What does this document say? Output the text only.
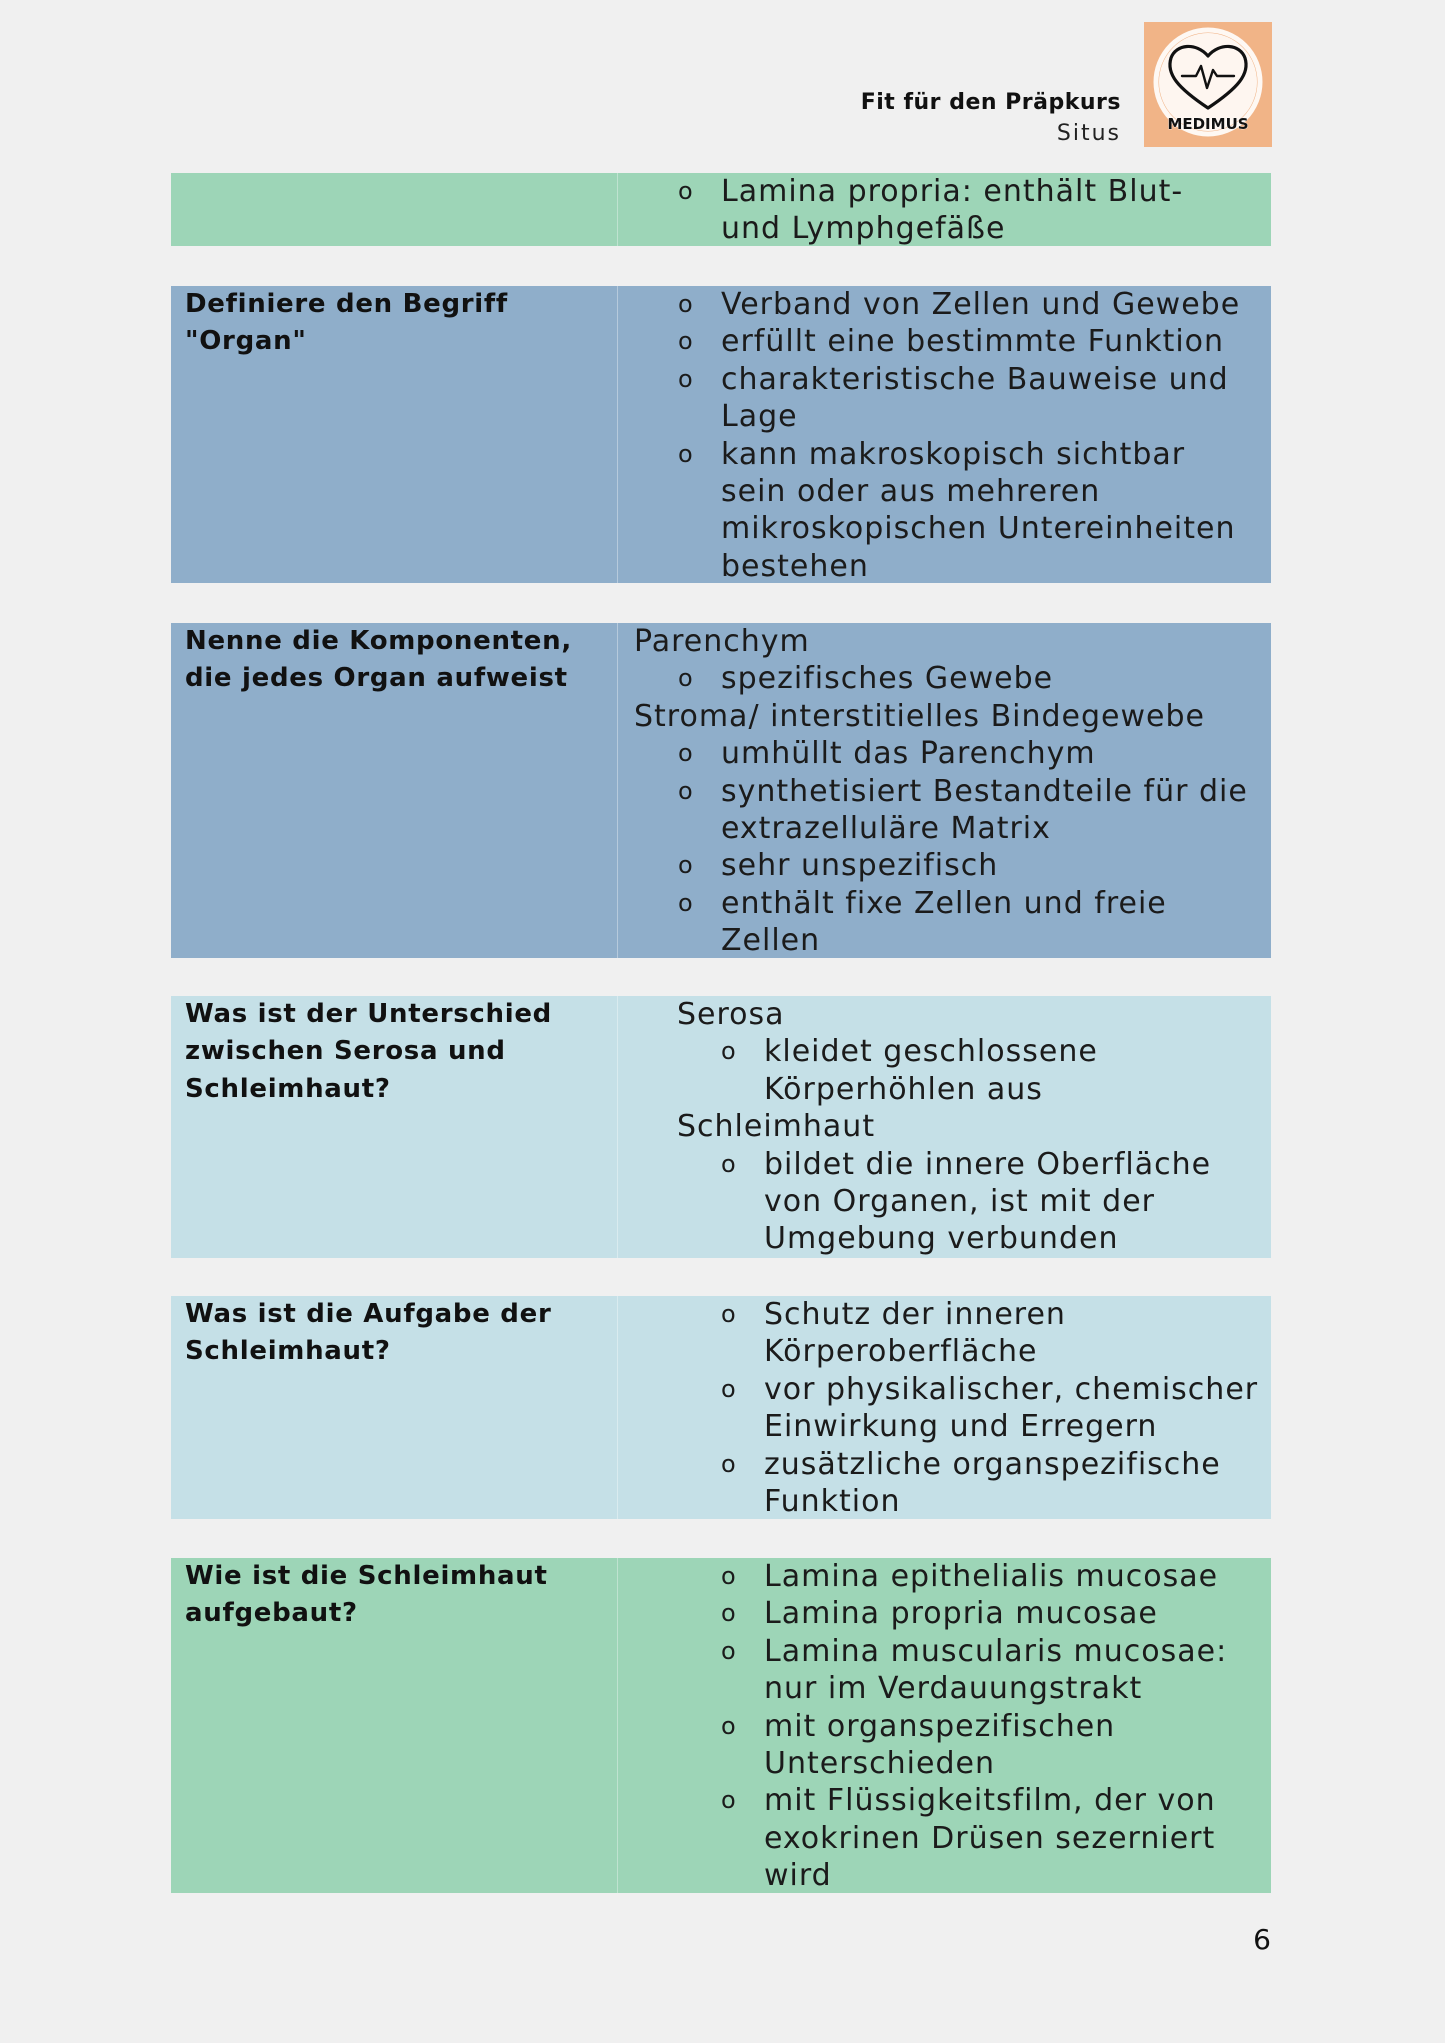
Fit für den Präpkurs
Situs	MEDIMUS
o Lamina propria: enthält Blut-
und Lymphgefäße
Definiere den Begriff
"Organ"
o Verband von Zellen und Gewebe
o erfüllt eine bestimmte Funktion
o charakteristische Bauweise und
Lage
o kann makroskopisch sichtbar
sein oder aus mehreren
mikroskopischen Untereinheiten
bestehen
Nenne die Komponenten,
die jedes Organ aufweist
Parenchym
o spezifisches Gewebe
Stroma/ interstitielles Bindegewebe
o umhüllt das Parenchym
o synthetisiert Bestandteile für die
extrazelluläre Matrix
o sehr unspezifisch
o enthält fixe Zellen und freie
Zellen
Was ist der Unterschied
zwischen Serosa und
Schleimhaut?
Serosa
o kleidet geschlossene
Körperhöhlen aus
Schleimhaut
o bildet die innere Oberfläche
von Organen, ist mit der
Umgebung verbunden
Was ist die Aufgabe der
Schleimhaut?
o Schutz der inneren
Körperoberfläche
o vor physikalischer, chemischer
Einwirkung und Erregern
o zusätzliche organspezifische
Funktion
Wie ist die Schleimhaut
aufgebaut?
o Lamina epithelialis mucosae
o Lamina propria mucosae
o Lamina muscularis mucosae:
nur im Verdauungstrakt
o mit organspezifischen
Unterschieden
o mit Flüssigkeitsfilm, der von
exokrinen Drüsen sezerniert
wird
6
